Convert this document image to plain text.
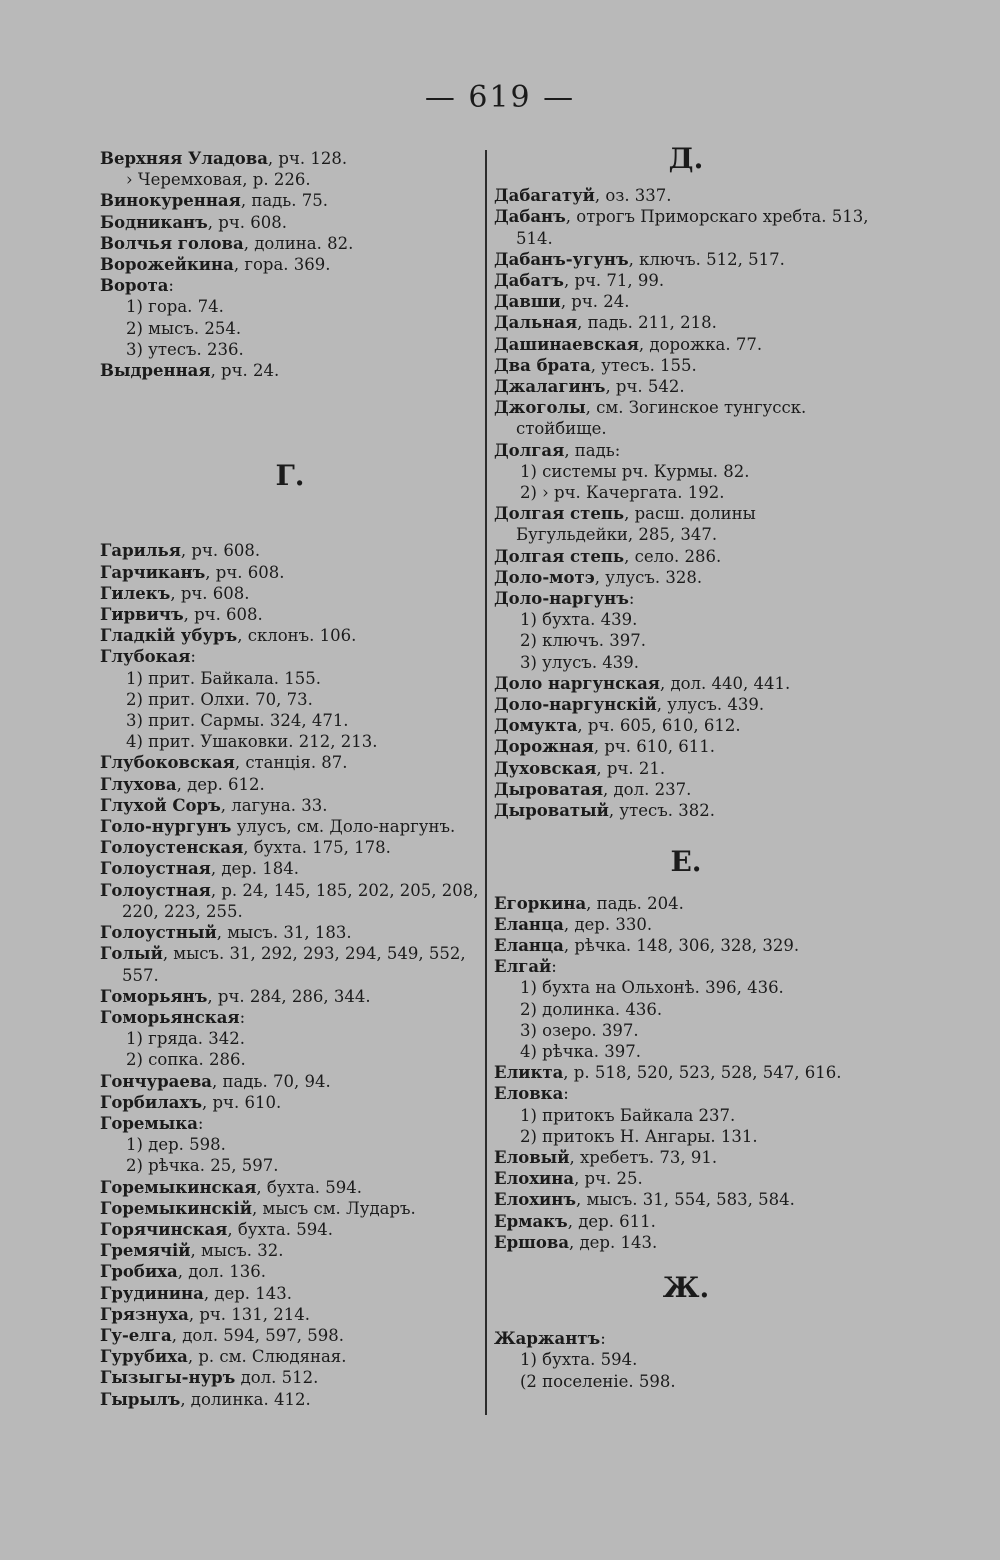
— 619 —

Верхняя Уладова, рч. 128.

› Черемховая, р. 226.

Винокуренная, падь. 75.

Бодниканъ, рч. 608.

Волчья голова, долина. 82.

Ворожейкина, гора. 369.

Ворота:

1) гора. 74.

2) мысъ. 254.

3) утесъ. 236.

Выдренная, рч. 24.

Г.

Гарилья, рч. 608.

Гарчиканъ, рч. 608.

Гилекъ, рч. 608.

Гирвичъ, рч. 608.

Гладкій убуръ, склонъ. 106.

Глубокая:

1) прит. Байкала. 155.

2) прит. Олхи. 70, 73.

3) прит. Сармы. 324, 471.

4) прит. Ушаковки. 212, 213.

Глубоковская, станція. 87.

Глухова, дер. 612.

Глухой Соръ, лагуна. 33.

Голо-нургунъ улусъ, см. Доло-наргунъ.

Голоустенская, бухта. 175, 178.

Голоустная, дер. 184.

Голоустная, р. 24, 145, 185, 202, 205, 208, 220, 223, 255.

Голоустный, мысъ. 31, 183.

Голый, мысъ. 31, 292, 293, 294, 549, 552, 557.

Гоморьянъ, рч. 284, 286, 344.

Гоморьянская:

1) гряда. 342.

2) сопка. 286.

Гончураева, падь. 70, 94.

Горбилахъ, рч. 610.

Горемыка:

1) дер. 598.

2) рѣчка. 25, 597.

Горемыкинская, бухта. 594.

Горемыкинскій, мысъ см. Лударъ.

Горячинская, бухта. 594.

Гремячій, мысъ. 32.

Гробиха, дол. 136.

Грудинина, дер. 143.

Грязнуха, рч. 131, 214.

Гу-елга, дол. 594, 597, 598.

Гурубиха, р. см. Слюдяная.

Гызыгы-нуръ дол. 512.

Гырылъ, долинка. 412.

Д.

Дабагатуй, оз. 337.

Дабанъ, отрогъ Приморскаго хребта. 513, 514.

Дабанъ-угунъ, ключъ. 512, 517.

Дабатъ, рч. 71, 99.

Давши, рч. 24.

Дальная, падь. 211, 218.

Дашинаевская, дорожка. 77.

Два брата, утесъ. 155.

Джалагинъ, рч. 542.

Джоголы, см. Зогинское тунгусск. стойбище.

Долгая, падь:

1) системы рч. Курмы. 82.

2) › рч. Качергата. 192.

Долгая степь, расш. долины Бугульдейки, 285, 347.

Долгая степь, село. 286.

Доло-мотэ, улусъ. 328.

Доло-наргунъ:

1) бухта. 439.

2) ключъ. 397.

3) улусъ. 439.

Доло наргунская, дол. 440, 441.

Доло-наргунскій, улусъ. 439.

Домукта, рч. 605, 610, 612.

Дорожная, рч. 610, 611.

Духовская, рч. 21.

Дыроватая, дол. 237.

Дыроватый, утесъ. 382.

Е.

Егоркина, падь. 204.

Еланца, дер. 330.

Еланца, рѣчка. 148, 306, 328, 329.

Елгай:

1) бухта на Ольхонѣ. 396, 436.

2) долинка. 436.

3) озеро. 397.

4) рѣчка. 397.

Еликта, р. 518, 520, 523, 528, 547, 616.

Еловка:

1) притокъ Байкала 237.

2) притокъ Н. Ангары. 131.

Еловый, хребетъ. 73, 91.

Елохина, рч. 25.

Елохинъ, мысъ. 31, 554, 583, 584.

Ермакъ, дер. 611.

Ершова, дер. 143.

Ж.

Жаржантъ:

1) бухта. 594.

(2 поселеніе. 598.
